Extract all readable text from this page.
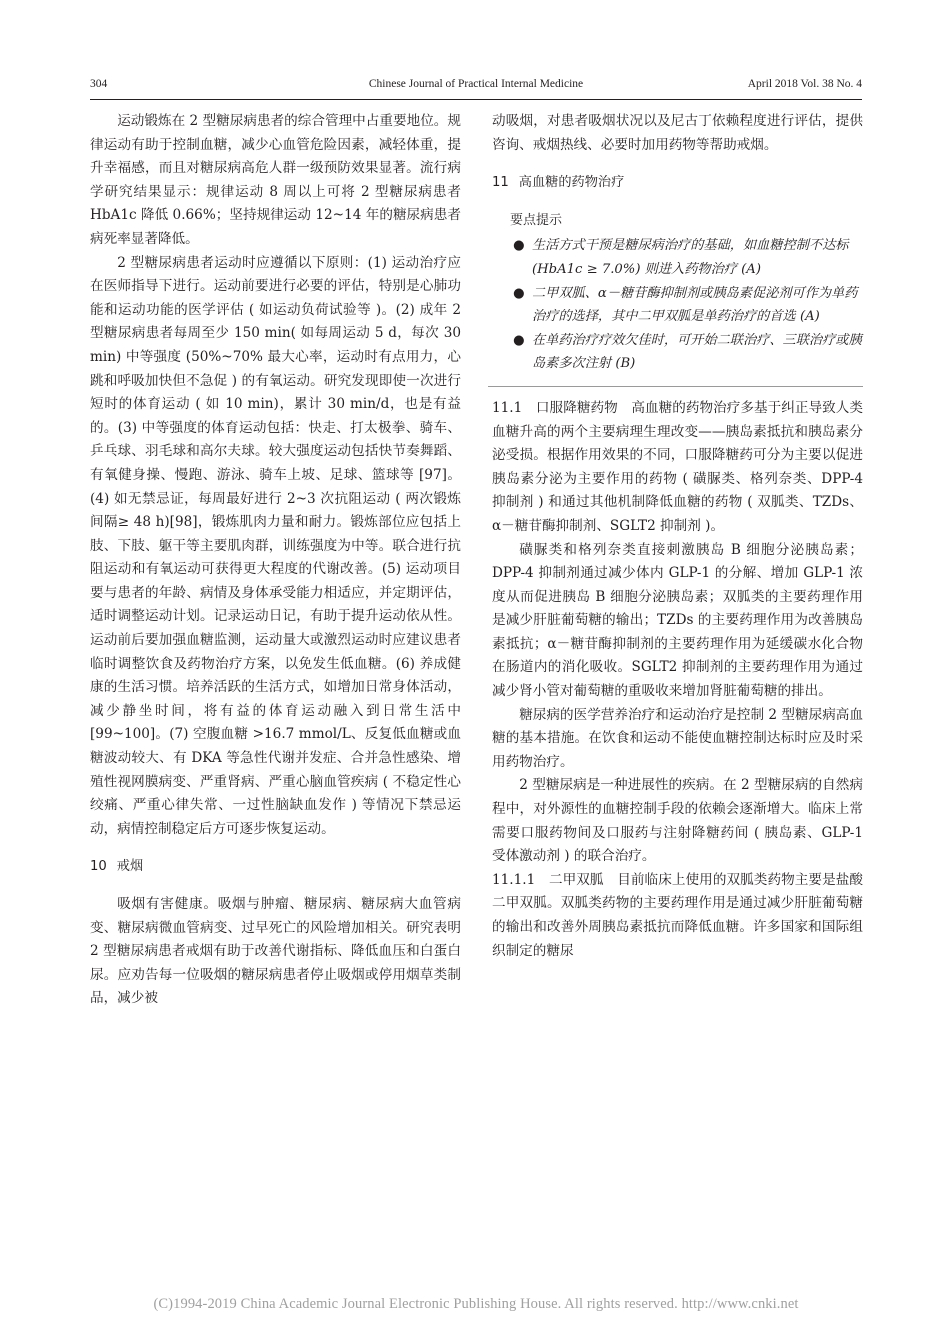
304	Chinese Journal of Practical Internal Medicine	April 2018 Vol. 38 No. 4

运动锻炼在 2 型糖尿病患者的综合管理中占重要地位。规律运动有助于控制血糖，减少心血管危险因素，减轻体重，提升幸福感，而且对糖尿病高危人群一级预防效果显著。流行病学研究结果显示：规律运动 8 周以上可将 2 型糖尿病患者 HbA1c 降低 0.66%；坚持规律运动 12~14 年的糖尿病患者病死率显著降低。

2 型糖尿病患者运动时应遵循以下原则：(1) 运动治疗应在医师指导下进行。运动前要进行必要的评估，特别是心肺功能和运动功能的医学评估 ( 如运动负荷试验等 )。(2) 成年 2 型糖尿病患者每周至少 150 min( 如每周运动 5 d，每次 30 min) 中等强度 (50%~70% 最大心率，运动时有点用力，心跳和呼吸加快但不急促 ) 的有氧运动。研究发现即使一次进行短时的体育运动 ( 如 10 min)，累计 30 min/d，也是有益的。(3) 中等强度的体育运动包括：快走、打太极拳、骑车、乒乓球、羽毛球和高尔夫球。较大强度运动包括快节奏舞蹈、有氧健身操、慢跑、游泳、骑车上坡、足球、篮球等 [97]。(4) 如无禁忌证，每周最好进行 2~3 次抗阻运动 ( 两次锻炼间隔≥ 48 h)[98]，锻炼肌肉力量和耐力。锻炼部位应包括上肢、下肢、躯干等主要肌肉群，训练强度为中等。联合进行抗阻运动和有氧运动可获得更大程度的代谢改善。(5) 运动项目要与患者的年龄、病情及身体承受能力相适应，并定期评估，适时调整运动计划。记录运动日记，有助于提升运动依从性。运动前后要加强血糖监测，运动量大或激烈运动时应建议患者临时调整饮食及药物治疗方案，以免发生低血糖。(6) 养成健康的生活习惯。培养活跃的生活方式，如增加日常身体活动，减少静坐时间，将有益的体育运动融入到日常生活中 [99~100]。(7) 空腹血糖 >16.7 mmol/L、反复低血糖或血糖波动较大、有 DKA 等急性代谢并发症、合并急性感染、增殖性视网膜病变、严重肾病、严重心脑血管疾病 ( 不稳定性心绞痛、严重心律失常、一过性脑缺血发作 ) 等情况下禁忌运动，病情控制稳定后方可逐步恢复运动。

10 戒烟

吸烟有害健康。吸烟与肿瘤、糖尿病、糖尿病大血管病变、糖尿病微血管病变、过早死亡的风险增加相关。研究表明 2 型糖尿病患者戒烟有助于改善代谢指标、降低血压和白蛋白尿。应劝告每一位吸烟的糖尿病患者停止吸烟或停用烟草类制品，减少被

动吸烟，对患者吸烟状况以及尼古丁依赖程度进行评估，提供咨询、戒烟热线、必要时加用药物等帮助戒烟。

11 高血糖的药物治疗

要点提示

● 生活方式干预是糖尿病治疗的基础，如血糖控制不达标 (HbA1c ≥ 7.0%) 则进入药物治疗 (A)

● 二甲双胍、α－糖苷酶抑制剂或胰岛素促泌剂可作为单药治疗的选择，其中二甲双胍是单药治疗的首选 (A)

● 在单药治疗疗效欠佳时，可开始二联治疗、三联治疗或胰岛素多次注射 (B)

11.1　口服降糖药物　高血糖的药物治疗多基于纠正导致人类血糖升高的两个主要病理生理改变——胰岛素抵抗和胰岛素分泌受损。根据作用效果的不同，口服降糖药可分为主要以促进胰岛素分泌为主要作用的药物 ( 磺脲类、格列奈类、DPP-4 抑制剂 ) 和通过其他机制降低血糖的药物 ( 双胍类、TZDs、α－糖苷酶抑制剂、SGLT2 抑制剂 )。

磺脲类和格列奈类直接刺激胰岛 B 细胞分泌胰岛素；DPP-4 抑制剂通过减少体内 GLP-1 的分解、增加 GLP-1 浓度从而促进胰岛 B 细胞分泌胰岛素；双胍类的主要药理作用是减少肝脏葡萄糖的输出；TZDs 的主要药理作用为改善胰岛素抵抗；α－糖苷酶抑制剂的主要药理作用为延缓碳水化合物在肠道内的消化吸收。SGLT2 抑制剂的主要药理作用为通过减少肾小管对葡萄糖的重吸收来增加肾脏葡萄糖的排出。

糖尿病的医学营养治疗和运动治疗是控制 2 型糖尿病高血糖的基本措施。在饮食和运动不能使血糖控制达标时应及时采用药物治疗。

2 型糖尿病是一种进展性的疾病。在 2 型糖尿病的自然病程中，对外源性的血糖控制手段的依赖会逐渐增大。临床上常需要口服药物间及口服药与注射降糖药间 ( 胰岛素、GLP-1 受体激动剂 ) 的联合治疗。

11.1.1　二甲双胍　目前临床上使用的双胍类药物主要是盐酸二甲双胍。双胍类药物的主要药理作用是通过减少肝脏葡萄糖的输出和改善外周胰岛素抵抗而降低血糖。许多国家和国际组织制定的糖尿

(C)1994-2019 China Academic Journal Electronic Publishing House. All rights reserved. http://www.cnki.net
